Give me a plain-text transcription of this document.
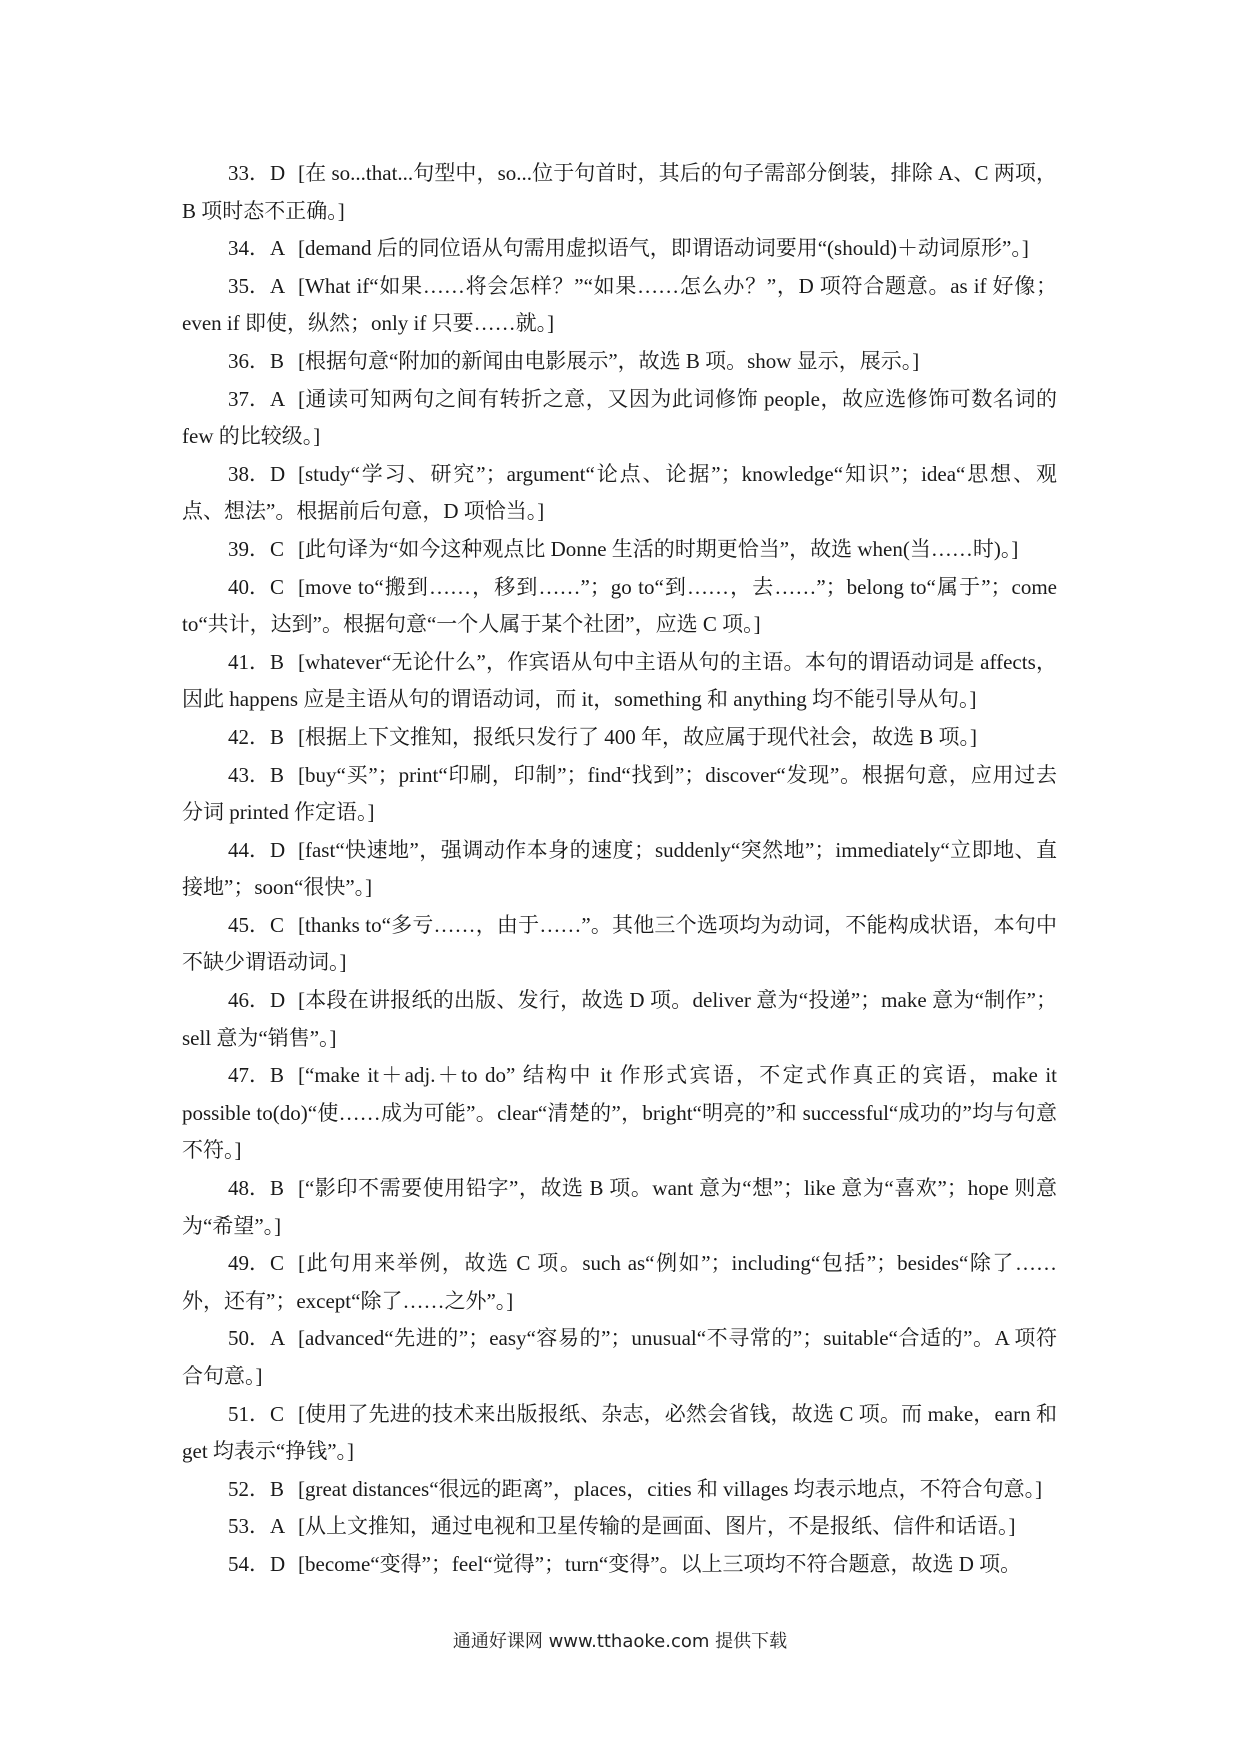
33．D [在 so...that...句型中，so...位于句首时，其后的句子需部分倒装，排除 A、C 两项，B 项时态不正确。]

34．A [demand 后的同位语从句需用虚拟语气，即谓语动词要用“(should)＋动词原形”。]

35．A [What if“如果……将会怎样？”“如果……怎么办？”，D 项符合题意。as if 好像；even if 即使，纵然；only if 只要……就。]

36．B [根据句意“附加的新闻由电影展示”，故选 B 项。show 显示，展示。]

37．A [通读可知两句之间有转折之意，又因为此词修饰 people，故应选修饰可数名词的 few 的比较级。]

38．D [study“学习、研究”；argument“论点、论据”；knowledge“知识”；idea“思想、观点、想法”。根据前后句意，D 项恰当。]

39．C [此句译为“如今这种观点比 Donne 生活的时期更恰当”，故选 when(当……时)。]

40．C [move to“搬到……，移到……”；go to“到……，去……”；belong to“属于”；come to“共计，达到”。根据句意“一个人属于某个社团”，应选 C 项。]

41．B [whatever“无论什么”，作宾语从句中主语从句的主语。本句的谓语动词是 affects，因此 happens 应是主语从句的谓语动词，而 it，something 和 anything 均不能引导从句。]

42．B [根据上下文推知，报纸只发行了 400 年，故应属于现代社会，故选 B 项。]

43．B [buy“买”；print“印刷，印制”；find“找到”；discover“发现”。根据句意，应用过去分词 printed 作定语。]

44．D [fast“快速地”，强调动作本身的速度；suddenly“突然地”；immediately“立即地、直接地”；soon“很快”。]

45．C [thanks to“多亏……，由于……”。其他三个选项均为动词，不能构成状语，本句中不缺少谓语动词。]

46．D [本段在讲报纸的出版、发行，故选 D 项。deliver 意为“投递”；make 意为“制作”；sell 意为“销售”。]

47．B [“make it＋adj.＋to do” 结构中 it 作形式宾语，不定式作真正的宾语，make it possible to(do)“使……成为可能”。clear“清楚的”，bright“明亮的”和 successful“成功的”均与句意不符。]

48．B [“影印不需要使用铅字”，故选 B 项。want 意为“想”；like 意为“喜欢”；hope 则意为“希望”。]

49．C [此句用来举例，故选 C 项。such as“例如”；including“包括”；besides“除了……外，还有”；except“除了……之外”。]

50．A [advanced“先进的”；easy“容易的”；unusual“不寻常的”；suitable“合适的”。A 项符合句意。]

51．C [使用了先进的技术来出版报纸、杂志，必然会省钱，故选 C 项。而 make，earn 和 get 均表示“挣钱”。]

52．B [great distances“很远的距离”，places，cities 和 villages 均表示地点，不符合句意。]

53．A [从上文推知，通过电视和卫星传输的是画面、图片，不是报纸、信件和话语。]

54．D [become“变得”；feel“觉得”；turn“变得”。以上三项均不符合题意，故选 D 项。

通通好课网 www.tthaoke.com 提供下载
